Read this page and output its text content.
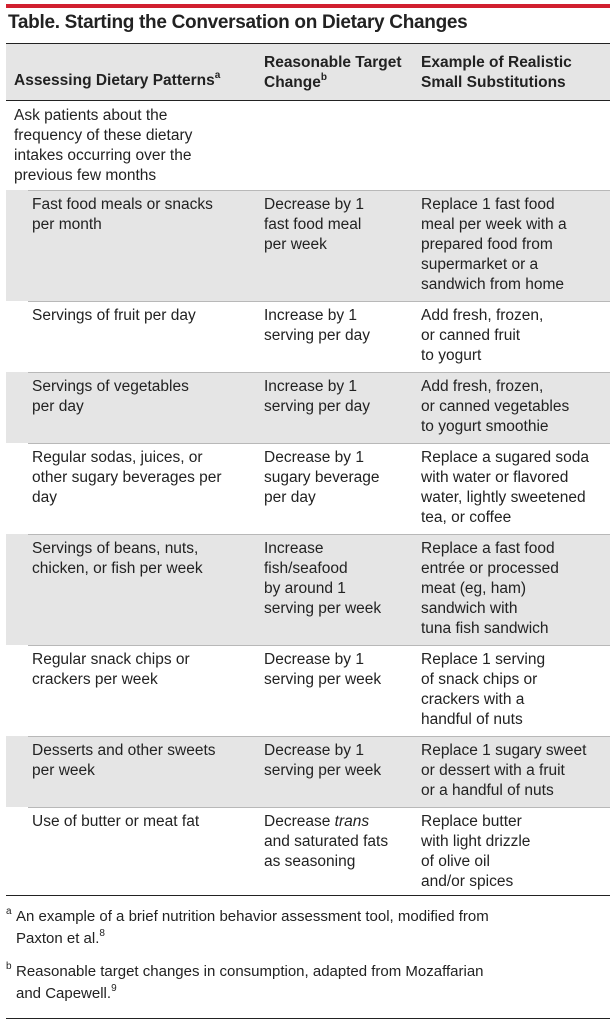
Table. Starting the Conversation on Dietary Changes
Assessing Dietary Patterns$^a$
Reasonable Target
Change$^b$
Example of Realistic
Small Substitutions
Ask patients about the
frequency of these dietary
intakes occurring over the
previous few months
Fast food meals or snacks
per month
Decrease by 1
fast food meal
per week
Replace 1 fast food
meal per week with a
prepared food from
supermarket or a
sandwich from home
Servings of fruit per day	Increase by 1
serving per day
Add fresh, frozen,
or canned fruit
to yogurt
Servings of vegetables
per day
Increase by 1
serving per day
Add fresh, frozen,
or canned vegetables
to yogurt smoothie
Regular sodas, juices, or
other sugary beverages per
day
Decrease by 1
sugary beverage
per day
Replace a sugared soda
with water or flavored
water, lightly sweetened
tea, or coffee
Servings of beans, nuts,
chicken, or fish per week
Increase
fish/seafood
by around 1
serving per week
Replace a fast food
entrée or processed
meat (eg, ham)
sandwich with
tuna fish sandwich
Regular snack chips or
crackers per week
Decrease by 1
serving per week
Replace 1 serving
of snack chips or
crackers with a
handful of nuts
Desserts and other sweets
per week
Decrease by 1
serving per week
Replace 1 sugary sweet
or dessert with a fruit
or a handful of nuts
Use of butter or meat fat	Decrease trans
and saturated fats
as seasoning
Replace butter
with light drizzle
of olive oil
and/or spices
a An example of a brief nutrition behavior assessment tool, modified from
Paxton et al.$^8$
b Reasonable target changes in consumption, adapted from Mozaffarian
and Capewell.$^9$
